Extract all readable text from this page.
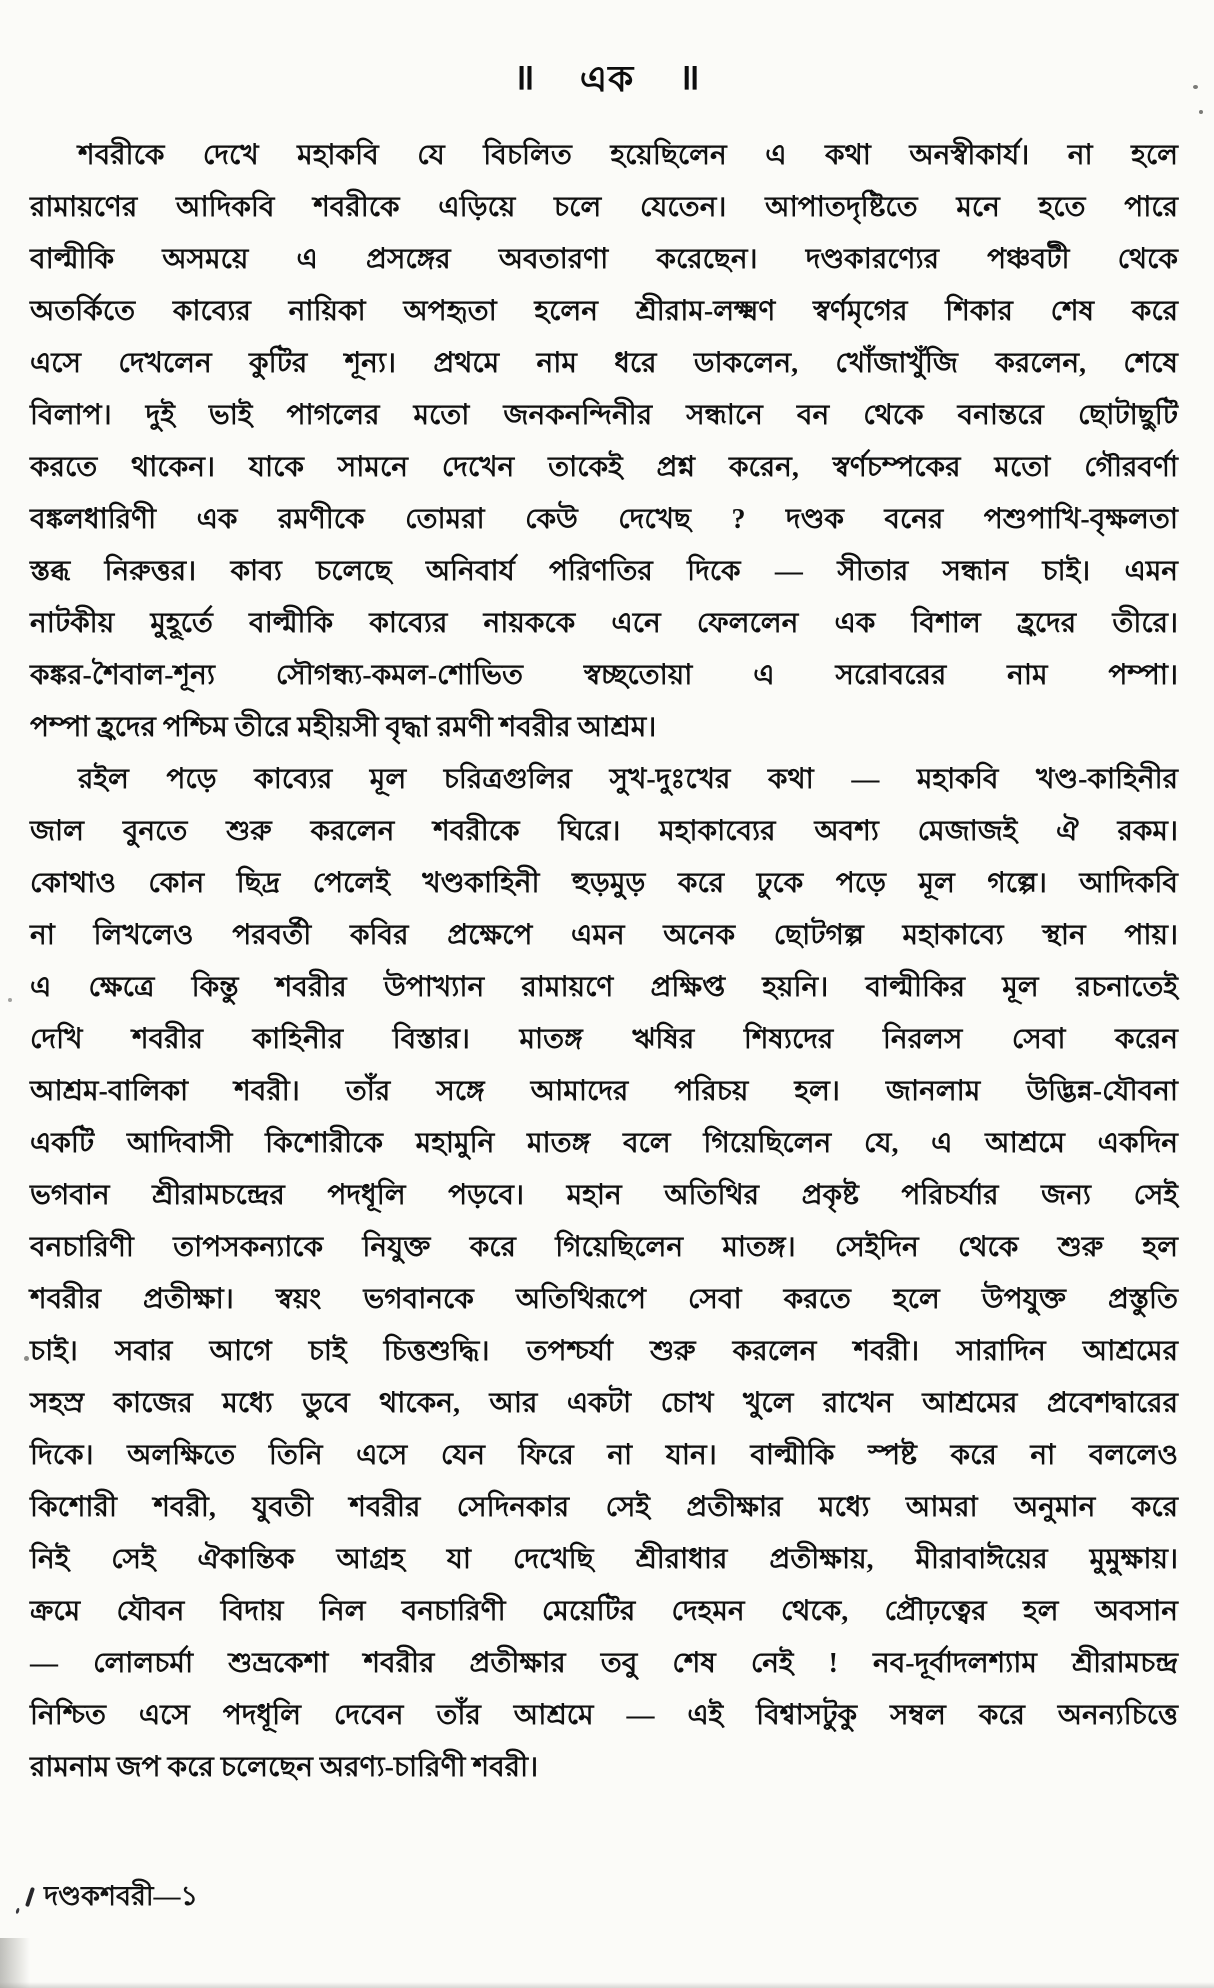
॥ এক ॥
শবরীকে দেখে মহাকবি যে বিচলিত হয়েছিলেন এ কথা অনস্বীকার্য। না হলে
রামায়ণের আদিকবি শবরীকে এড়িয়ে চলে যেতেন। আপাতদৃষ্টিতে মনে হতে পারে
বাল্মীকি অসময়ে এ প্রসঙ্গের অবতারণা করেছেন। দণ্ডকারণ্যের পঞ্চবটী থেকে
অতর্কিতে কাব্যের নায়িকা অপহৃতা হলেন শ্রীরাম-লক্ষ্মণ স্বর্ণমৃগের শিকার শেষ করে
এসে দেখলেন কুটির শূন্য। প্রথমে নাম ধরে ডাকলেন, খোঁজাখুঁজি করলেন, শেষে
বিলাপ। দুই ভাই পাগলের মতো জনকনন্দিনীর সন্ধানে বন থেকে বনান্তরে ছোটাছুটি
করতে থাকেন। যাকে সামনে দেখেন তাকেই প্রশ্ন করেন, স্বর্ণচম্পকের মতো গৌরবর্ণা
বঙ্কলধারিণী এক রমণীকে তোমরা কেউ দেখেছ ? দণ্ডক বনের পশুপাখি-বৃক্ষলতা
স্তব্ধ নিরুত্তর। কাব্য চলেছে অনিবার্য পরিণতির দিকে — সীতার সন্ধান চাই। এমন
নাটকীয় মুহূর্তে বাল্মীকি কাব্যের নায়ককে এনে ফেললেন এক বিশাল হ্রদের তীরে।
কঙ্কর-শৈবাল-শূন্য সৌগন্ধ্য-কমল-শোভিত স্বচ্ছতোয়া এ সরোবরের নাম পম্পা।
পম্পা হ্রদের পশ্চিম তীরে মহীয়সী বৃদ্ধা রমণী শবরীর আশ্রম।
রইল পড়ে কাব্যের মূল চরিত্রগুলির সুখ-দুঃখের কথা — মহাকবি খণ্ড-কাহিনীর
জাল বুনতে শুরু করলেন শবরীকে ঘিরে। মহাকাব্যের অবশ্য মেজাজই ঐ রকম।
কোথাও কোন ছিদ্র পেলেই খণ্ডকাহিনী হুড়মুড় করে ঢুকে পড়ে মূল গল্পে। আদিকবি
না লিখলেও পরবর্তী কবির প্রক্ষেপে এমন অনেক ছোটগল্প মহাকাব্যে স্থান পায়।
এ ক্ষেত্রে কিন্তু শবরীর উপাখ্যান রামায়ণে প্রক্ষিপ্ত হয়নি। বাল্মীকির মূল রচনাতেই
দেখি শবরীর কাহিনীর বিস্তার। মাতঙ্গ ঋষির শিষ্যদের নিরলস সেবা করেন
আশ্রম-বালিকা শবরী। তাঁর সঙ্গে আমাদের পরিচয় হল। জানলাম উদ্ভিন্ন-যৌবনা
একটি আদিবাসী কিশোরীকে মহামুনি মাতঙ্গ বলে গিয়েছিলেন যে, এ আশ্রমে একদিন
ভগবান শ্রীরামচন্দ্রের পদধূলি পড়বে। মহান অতিথির প্রকৃষ্ট পরিচর্যার জন্য সেই
বনচারিণী তাপসকন্যাকে নিযুক্ত করে গিয়েছিলেন মাতঙ্গ। সেইদিন থেকে শুরু হল
শবরীর প্রতীক্ষা। স্বয়ং ভগবানকে অতিথিরূপে সেবা করতে হলে উপযুক্ত প্রস্তুতি
চাই। সবার আগে চাই চিত্তশুদ্ধি। তপশ্চর্যা শুরু করলেন শবরী। সারাদিন আশ্রমের
সহস্র কাজের মধ্যে ডুবে থাকেন, আর একটা চোখ খুলে রাখেন আশ্রমের প্রবেশদ্বারের
দিকে। অলক্ষিতে তিনি এসে যেন ফিরে না যান। বাল্মীকি স্পষ্ট করে না বললেও
কিশোরী শবরী, যুবতী শবরীর সেদিনকার সেই প্রতীক্ষার মধ্যে আমরা অনুমান করে
নিই সেই ঐকান্তিক আগ্রহ যা দেখেছি শ্রীরাধার প্রতীক্ষায়, মীরাবাঈয়ের মুমুক্ষায়।
ক্রমে যৌবন বিদায় নিল বনচারিণী মেয়েটির দেহমন থেকে, প্রৌঢ়ত্বের হল অবসান
— লোলচর্মা শুভ্রকেশা শবরীর প্রতীক্ষার তবু শেষ নেই ! নব-দূর্বাদলশ্যাম শ্রীরামচন্দ্র
নিশ্চিত এসে পদধূলি দেবেন তাঁর আশ্রমে — এই বিশ্বাসটুকু সম্বল করে অনন্যচিত্তে
রামনাম জপ করে চলেছেন অরণ্য-চারিণী শবরী।
দণ্ডকশবরী—১
